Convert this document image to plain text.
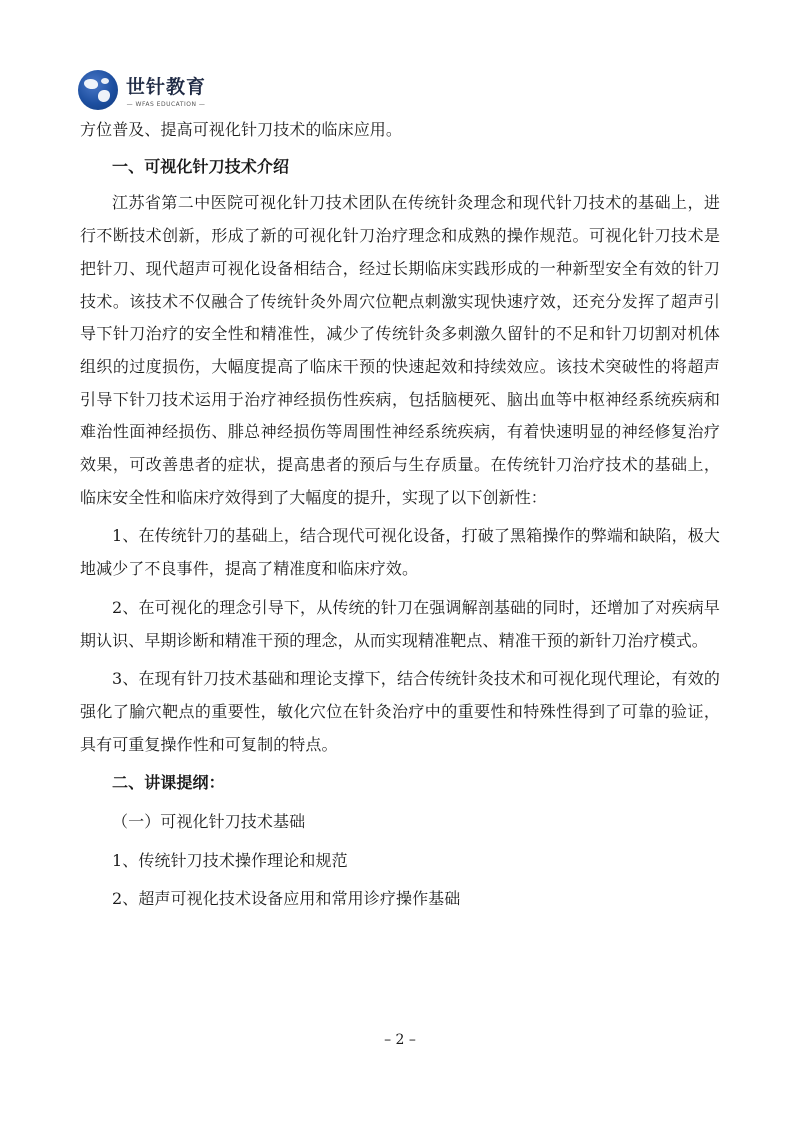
世针教育
— WFAS EDUCATION —

方位普及、提高可视化针刀技术的临床应用。

一、可视化针刀技术介绍

江苏省第二中医院可视化针刀技术团队在传统针灸理念和现代针刀技术的基础上，进行不断技术创新，形成了新的可视化针刀治疗理念和成熟的操作规范。可视化针刀技术是把针刀、现代超声可视化设备相结合，经过长期临床实践形成的一种新型安全有效的针刀技术。该技术不仅融合了传统针灸外周穴位靶点刺激实现快速疗效，还充分发挥了超声引导下针刀治疗的安全性和精准性，减少了传统针灸多刺激久留针的不足和针刀切割对机体组织的过度损伤，大幅度提高了临床干预的快速起效和持续效应。该技术突破性的将超声引导下针刀技术运用于治疗神经损伤性疾病，包括脑梗死、脑出血等中枢神经系统疾病和难治性面神经损伤、腓总神经损伤等周围性神经系统疾病，有着快速明显的神经修复治疗效果，可改善患者的症状，提高患者的预后与生存质量。在传统针刀治疗技术的基础上，临床安全性和临床疗效得到了大幅度的提升，实现了以下创新性：

1、在传统针刀的基础上，结合现代可视化设备，打破了黑箱操作的弊端和缺陷，极大地减少了不良事件，提高了精准度和临床疗效。

2、在可视化的理念引导下，从传统的针刀在强调解剖基础的同时，还增加了对疾病早期认识、早期诊断和精准干预的理念，从而实现精准靶点、精准干预的新针刀治疗模式。

3、在现有针刀技术基础和理论支撑下，结合传统针灸技术和可视化现代理论，有效的强化了腧穴靶点的重要性，敏化穴位在针灸治疗中的重要性和特殊性得到了可靠的验证，具有可重复操作性和可复制的特点。

二、讲课提纲：

（一）可视化针刀技术基础

1、传统针刀技术操作理论和规范

2、超声可视化技术设备应用和常用诊疗操作基础

– 2 –
